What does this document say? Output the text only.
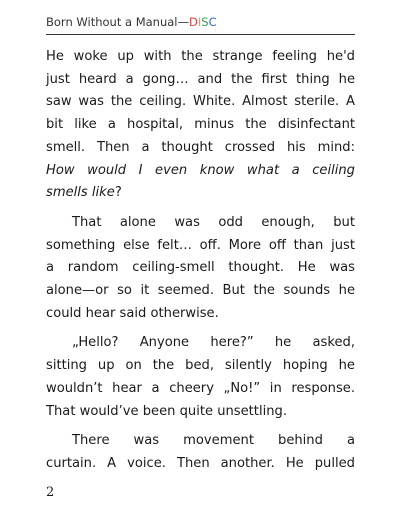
Born Without a Manual—DISC

He woke up with the strange feeling he'd
just heard a gong… and the first thing he
saw was the ceiling. White. Almost sterile. A
bit like a hospital, minus the disinfectant
smell. Then a thought crossed his mind:
How would I even know what a ceiling
smells like?

That alone was odd enough, but
something else felt… off. More off than just
a random ceiling-smell thought. He was
alone—or so it seemed. But the sounds he
could hear said otherwise.

„Hello? Anyone here?” he asked,
sitting up on the bed, silently hoping he
wouldn’t hear a cheery „No!” in response.
That would’ve been quite unsettling.

There was movement behind a
curtain. A voice. Then another. He pulled

2
